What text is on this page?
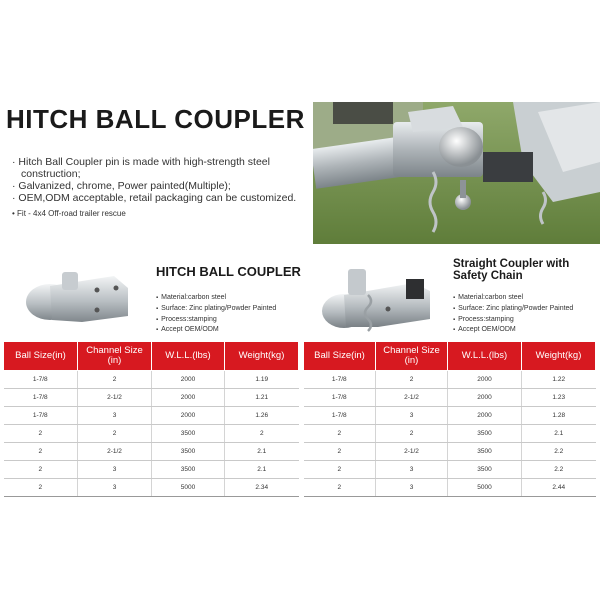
HITCH BALL COUPLER
· Hitch Ball Coupler pin is made with high-strength steel
construction;
· Galvanized, chrome, Power painted(Multiple);
· OEM,ODM acceptable, retail packaging can be customized.
• Fit - 4x4 Off-road trailer rescue
HITCH BALL COUPLER
▪ Material:carbon steel
▪ Surface: Zinc plating/Powder Painted
▪ Process:stamping
▪ Accept OEM/ODM
Straight Coupler with
Safety Chain
▪ Material:carbon steel
▪ Surface: Zinc plating/Powder Painted
▪ Process:stamping
▪ Accept OEM/ODM
Ball Size(in)	Channel Size (in)	W.L.L.(lbs)	Weight(kg)
1-7/8	2	2000	1.19
1-7/8	2-1/2	2000	1.21
1-7/8	3	2000	1.26
2	2	3500	2
2	2-1/2	3500	2.1
2	3	3500	2.1
2	3	5000	2.34
Ball Size(in)	Channel Size (in)	W.L.L.(lbs)	Weight(kg)
1-7/8	2	2000	1.22
1-7/8	2-1/2	2000	1.23
1-7/8	3	2000	1.28
2	2	3500	2.1
2	2-1/2	3500	2.2
2	3	3500	2.2
2	3	5000	2.44
